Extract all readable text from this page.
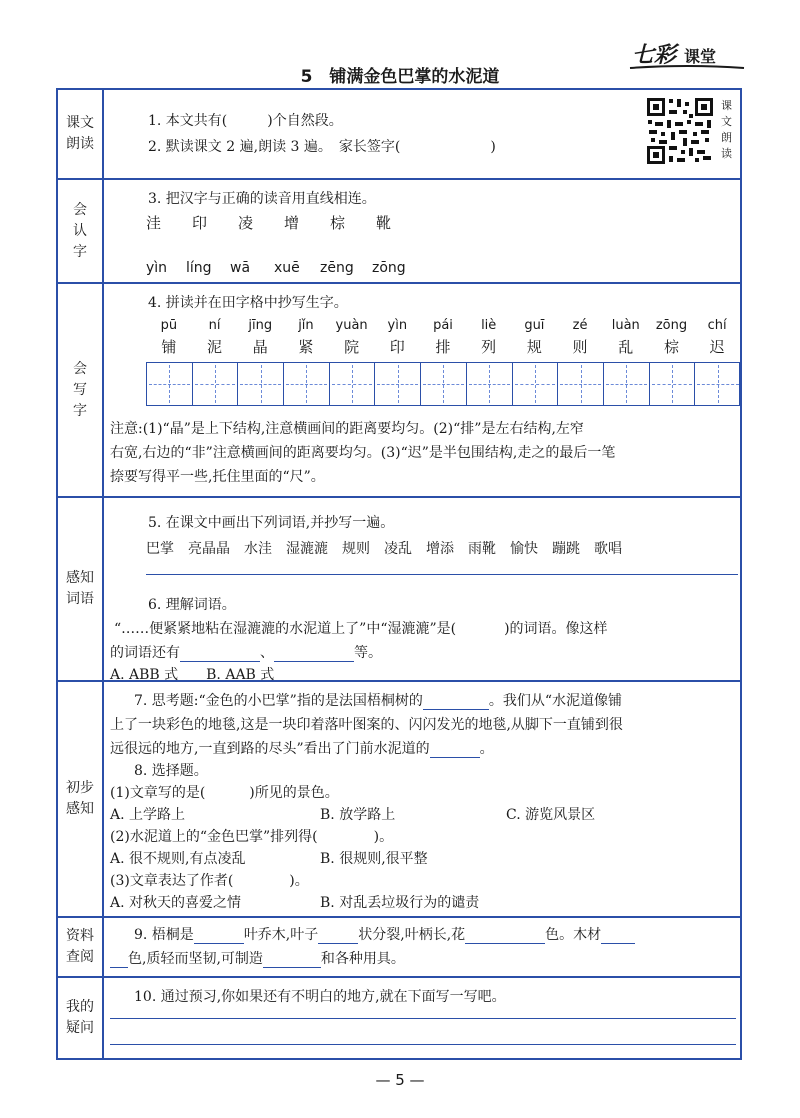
5　铺满金色巴掌的水泥道
七彩 课堂
课文
朗读
1. 本文共有(	)个自然段。
2. 默读课文 2 遍,朗读 3 遍。　家长签字(	)
会
认
字
3. 把汉字与正确的读音用直线相连。
洼 印 凌 增 棕 靴
yìn líng wā xuē zēng zōng
会
写
字
4. 拼读并在田字格中抄写生字。
pū	ní	jīng	jǐn	yuàn	yìn	pái	liè	guī	zé	luàn	zōng	chí
铺	泥	晶	紧	院	印	排	列	规	则	乱	棕	迟
注意:(1)“晶”是上下结构,注意横画间的距离要均匀。(2)“排”是左右结构,左窄
右宽,右边的“非”注意横画间的距离要均匀。(3)“迟”是半包围结构,走之的最后一笔
捺要写得平一些,托住里面的“尺”。
感知
词语
5. 在课文中画出下列词语,并抄写一遍。
巴掌 亮晶晶 水洼 湿漉漉 规则 凌乱 增添 雨靴 愉快 蹦跳 歌唱
6. 理解词语。
“……便紧紧地粘在湿漉漉的水泥道上了”中“湿漉漉”是(	)的词语。像这样
的词语还有	、	等。
A. ABB 式　　B. AAB 式
初步
感知
7. 思考题:“金色的小巴掌”指的是法国梧桐树的	。我们从“水泥道像铺
上了一块彩色的地毯,这是一块印着落叶图案的、闪闪发光的地毯,从脚下一直铺到很
远很远的地方,一直到路的尽头”看出了门前水泥道的	。
8. 选择题。
(1)文章写的是(	)所见的景色。
A. 上学路上	B. 放学路上	C. 游览风景区
(2)水泥道上的“金色巴掌”排列得(	)。
A. 很不规则,有点凌乱	B. 很规则,很平整
(3)文章表达了作者(	)。
A. 对秋天的喜爱之情	B. 对乱丢垃圾行为的谴责
资料
查阅
9. 梧桐是	叶乔木,叶子	状分裂,叶柄长,花	色。木材
色,质轻而坚韧,可制造	和各种用具。
我的
疑问
10. 通过预习,你如果还有不明白的地方,就在下面写一写吧。
课
文
朗
读
— 5 —
